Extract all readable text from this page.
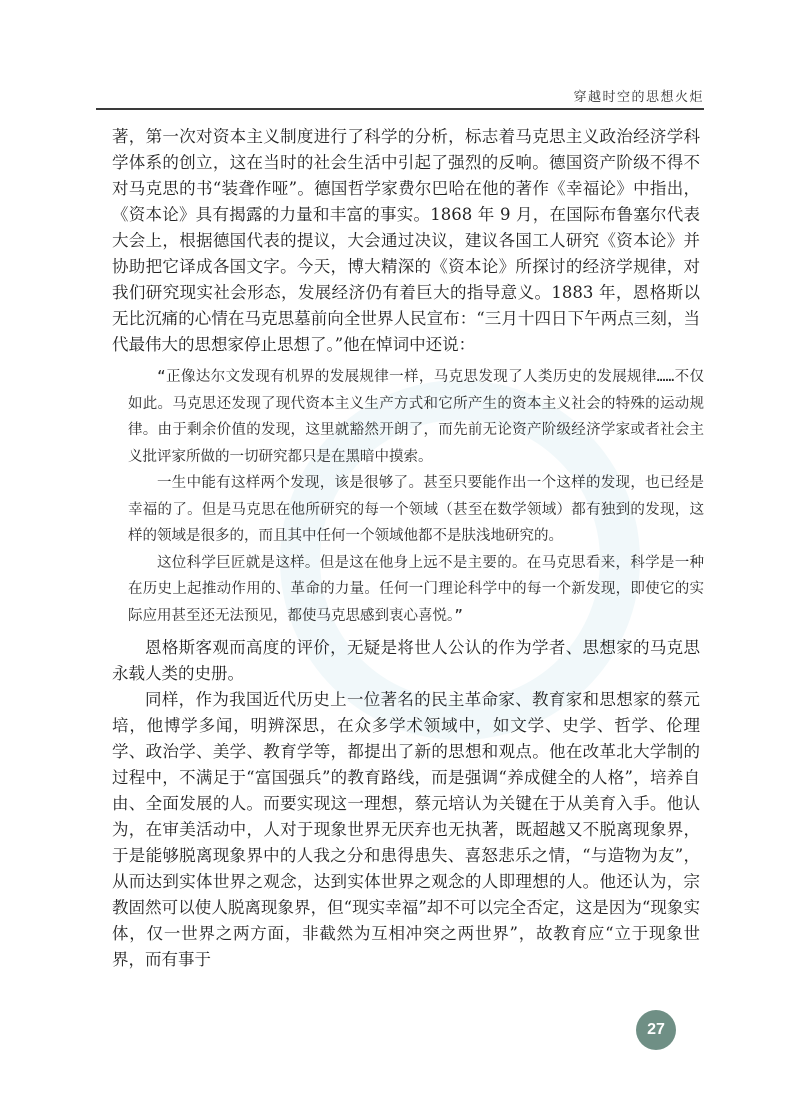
穿越时空的思想火炬

著，第一次对资本主义制度进行了科学的分析，标志着马克思主义政治经济学科学体系的创立，这在当时的社会生活中引起了强烈的反响。德国资产阶级不得不对马克思的书“装聋作哑”。德国哲学家费尔巴哈在他的著作《幸福论》中指出，《资本论》具有揭露的力量和丰富的事实。1868 年 9 月，在国际布鲁塞尔代表大会上，根据德国代表的提议，大会通过决议，建议各国工人研究《资本论》并协助把它译成各国文字。今天，博大精深的《资本论》所探讨的经济学规律，对我们研究现实社会形态，发展经济仍有着巨大的指导意义。1883 年，恩格斯以无比沉痛的心情在马克思墓前向全世界人民宣布：“三月十四日下午两点三刻，当代最伟大的思想家停止思想了。”他在悼词中还说：

“正像达尔文发现有机界的发展规律一样，马克思发现了人类历史的发展规律……不仅如此。马克思还发现了现代资本主义生产方式和它所产生的资本主义社会的特殊的运动规律。由于剩余价值的发现，这里就豁然开朗了，而先前无论资产阶级经济学家或者社会主义批评家所做的一切研究都只是在黑暗中摸索。

一生中能有这样两个发现，该是很够了。甚至只要能作出一个这样的发现，也已经是幸福的了。但是马克思在他所研究的每一个领域（甚至在数学领域）都有独到的发现，这样的领域是很多的，而且其中任何一个领域他都不是肤浅地研究的。

这位科学巨匠就是这样。但是这在他身上远不是主要的。在马克思看来，科学是一种在历史上起推动作用的、革命的力量。任何一门理论科学中的每一个新发现，即使它的实际应用甚至还无法预见，都使马克思感到衷心喜悦。”

恩格斯客观而高度的评价，无疑是将世人公认的作为学者、思想家的马克思永载人类的史册。

同样，作为我国近代历史上一位著名的民主革命家、教育家和思想家的蔡元培，他博学多闻，明辨深思，在众多学术领域中，如文学、史学、哲学、伦理学、政治学、美学、教育学等，都提出了新的思想和观点。他在改革北大学制的过程中，不满足于“富国强兵”的教育路线，而是强调“养成健全的人格”，培养自由、全面发展的人。而要实现这一理想，蔡元培认为关键在于从美育入手。他认为，在审美活动中，人对于现象世界无厌弃也无执著，既超越又不脱离现象界，于是能够脱离现象界中的人我之分和患得患失、喜怒悲乐之情，“与造物为友”，从而达到实体世界之观念，达到实体世界之观念的人即理想的人。他还认为，宗教固然可以使人脱离现象界，但“现实幸福”却不可以完全否定，这是因为“现象实体，仅一世界之两方面，非截然为互相冲突之两世界”，故教育应“立于现象世界，而有事于

27
